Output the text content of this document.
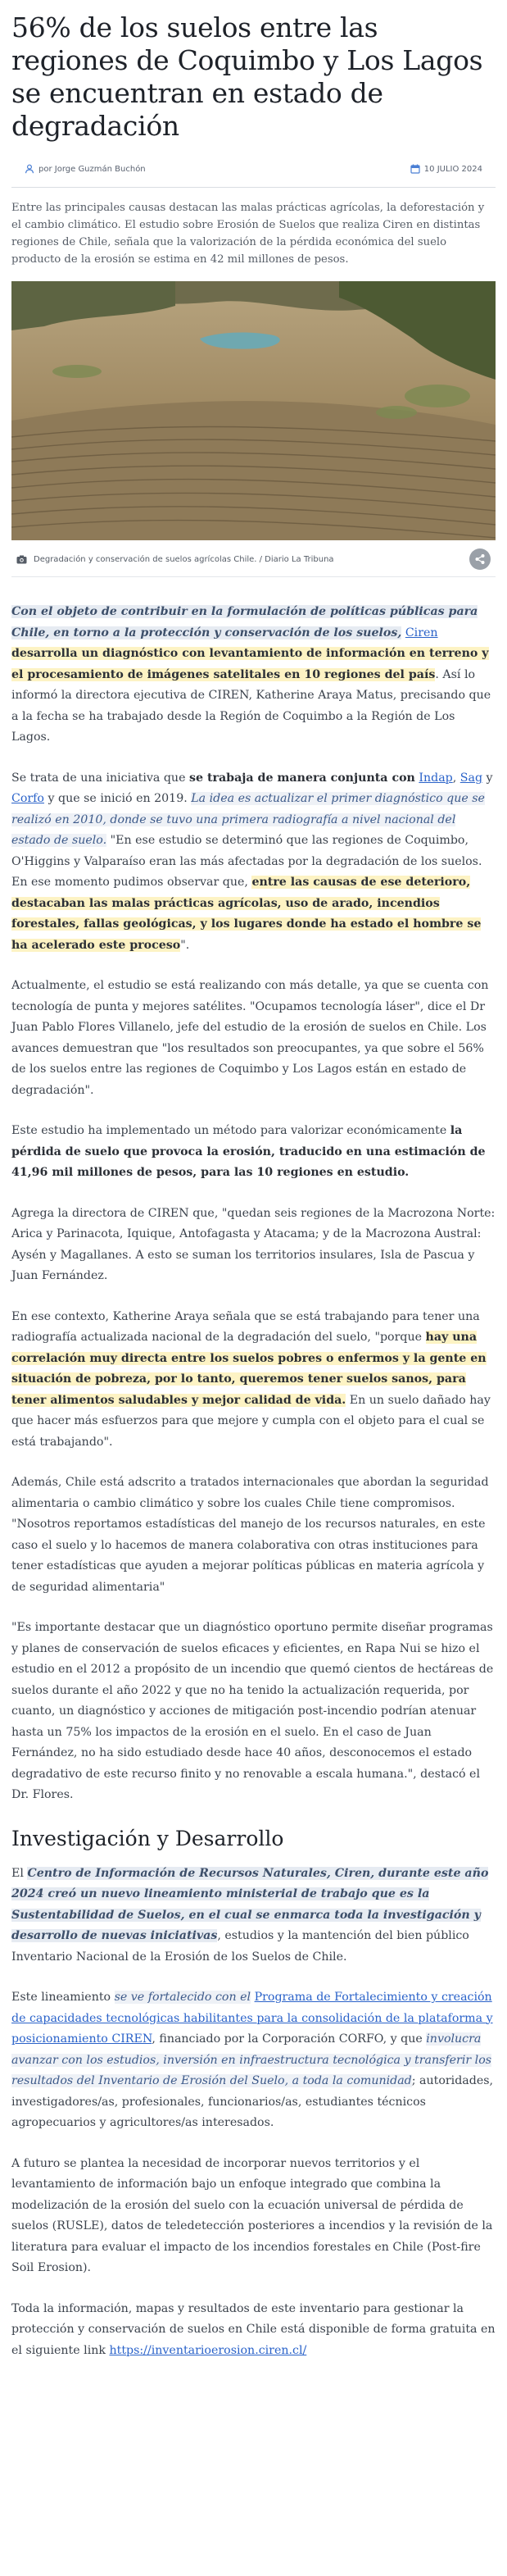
56% de los suelos entre las regiones de Coquimbo y Los Lagos se encuentran en estado de degradación
por Jorge Guzmán Buchón	10 JULIO 2024

Entre las principales causas destacan las malas prácticas agrícolas, la deforestación y el cambio climático. El estudio sobre Erosión de Suelos que realiza Ciren en distintas regiones de Chile, señala que la valorización de la pérdida económica del suelo producto de la erosión se estima en 42 mil millones de pesos.

Degradación y conservación de suelos agrícolas Chile. / Diario La Tribuna

Con el objeto de contribuir en la formulación de políticas públicas para Chile, en torno a la protección y conservación de los suelos, Ciren desarrolla un diagnóstico con levantamiento de información en terreno y el procesamiento de imágenes satelitales en 10 regiones del país. Así lo informó la directora ejecutiva de CIREN, Katherine Araya Matus, precisando que a la fecha se ha trabajado desde la Región de Coquimbo a la Región de Los Lagos.

Se trata de una iniciativa que se trabaja de manera conjunta con Indap, Sag y Corfo y que se inició en 2019. La idea es actualizar el primer diagnóstico que se realizó en 2010, donde se tuvo una primera radiografía a nivel nacional del estado de suelo. "En ese estudio se determinó que las regiones de Coquimbo, O'Higgins y Valparaíso eran las más afectadas por la degradación de los suelos. En ese momento pudimos observar que, entre las causas de ese deterioro, destacaban las malas prácticas agrícolas, uso de arado, incendios forestales, fallas geológicas, y los lugares donde ha estado el hombre se ha acelerado este proceso".

Actualmente, el estudio se está realizando con más detalle, ya que se cuenta con tecnología de punta y mejores satélites. "Ocupamos tecnología láser", dice el Dr Juan Pablo Flores Villanelo, jefe del estudio de la erosión de suelos en Chile. Los avances demuestran que "los resultados son preocupantes, ya que sobre el 56% de los suelos entre las regiones de Coquimbo y Los Lagos están en estado de degradación".

Este estudio ha implementado un método para valorizar económicamente la pérdida de suelo que provoca la erosión, traducido en una estimación de 41,96 mil millones de pesos, para las 10 regiones en estudio.

Agrega la directora de CIREN que, "quedan seis regiones de la Macrozona Norte: Arica y Parinacota, Iquique, Antofagasta y Atacama; y de la Macrozona Austral: Aysén y Magallanes. A esto se suman los territorios insulares, Isla de Pascua y Juan Fernández.

En ese contexto, Katherine Araya señala que se está trabajando para tener una radiografía actualizada nacional de la degradación del suelo, "porque hay una correlación muy directa entre los suelos pobres o enfermos y la gente en situación de pobreza, por lo tanto, queremos tener suelos sanos, para tener alimentos saludables y mejor calidad de vida. En un suelo dañado hay que hacer más esfuerzos para que mejore y cumpla con el objeto para el cual se está trabajando".

Además, Chile está adscrito a tratados internacionales que abordan la seguridad alimentaria o cambio climático y sobre los cuales Chile tiene compromisos. "Nosotros reportamos estadísticas del manejo de los recursos naturales, en este caso el suelo y lo hacemos de manera colaborativa con otras instituciones para tener estadísticas que ayuden a mejorar políticas públicas en materia agrícola y de seguridad alimentaria"

"Es importante destacar que un diagnóstico oportuno permite diseñar programas y planes de conservación de suelos eficaces y eficientes, en Rapa Nui se hizo el estudio en el 2012 a propósito de un incendio que quemó cientos de hectáreas de suelos durante el año 2022 y que no ha tenido la actualización requerida, por cuanto, un diagnóstico y acciones de mitigación post-incendio podrían atenuar hasta un 75% los impactos de la erosión en el suelo. En el caso de Juan Fernández, no ha sido estudiado desde hace 40 años, desconocemos el estado degradativo de este recurso finito y no renovable a escala humana.", destacó el Dr. Flores.

Investigación y Desarrollo

El Centro de Información de Recursos Naturales, Ciren, durante este año 2024 creó un nuevo lineamiento ministerial de trabajo que es la Sustentabilidad de Suelos, en el cual se enmarca toda la investigación y desarrollo de nuevas iniciativas, estudios y la mantención del bien público Inventario Nacional de la Erosión de los Suelos de Chile.

Este lineamiento se ve fortalecido con el Programa de Fortalecimiento y creación de capacidades tecnológicas habilitantes para la consolidación de la plataforma y posicionamiento CIREN, financiado por la Corporación CORFO, y que involucra avanzar con los estudios, inversión en infraestructura tecnológica y transferir los resultados del Inventario de Erosión del Suelo, a toda la comunidad; autoridades, investigadores/as, profesionales, funcionarios/as, estudiantes técnicos agropecuarios y agricultores/as interesados.

A futuro se plantea la necesidad de incorporar nuevos territorios y el levantamiento de información bajo un enfoque integrado que combina la modelización de la erosión del suelo con la ecuación universal de pérdida de suelos (RUSLE), datos de teledetección posteriores a incendios y la revisión de la literatura para evaluar el impacto de los incendios forestales en Chile (Post-fire Soil Erosion).

Toda la información, mapas y resultados de este inventario para gestionar la protección y conservación de suelos en Chile está disponible de forma gratuita en el siguiente link https://inventarioerosion.ciren.cl/
